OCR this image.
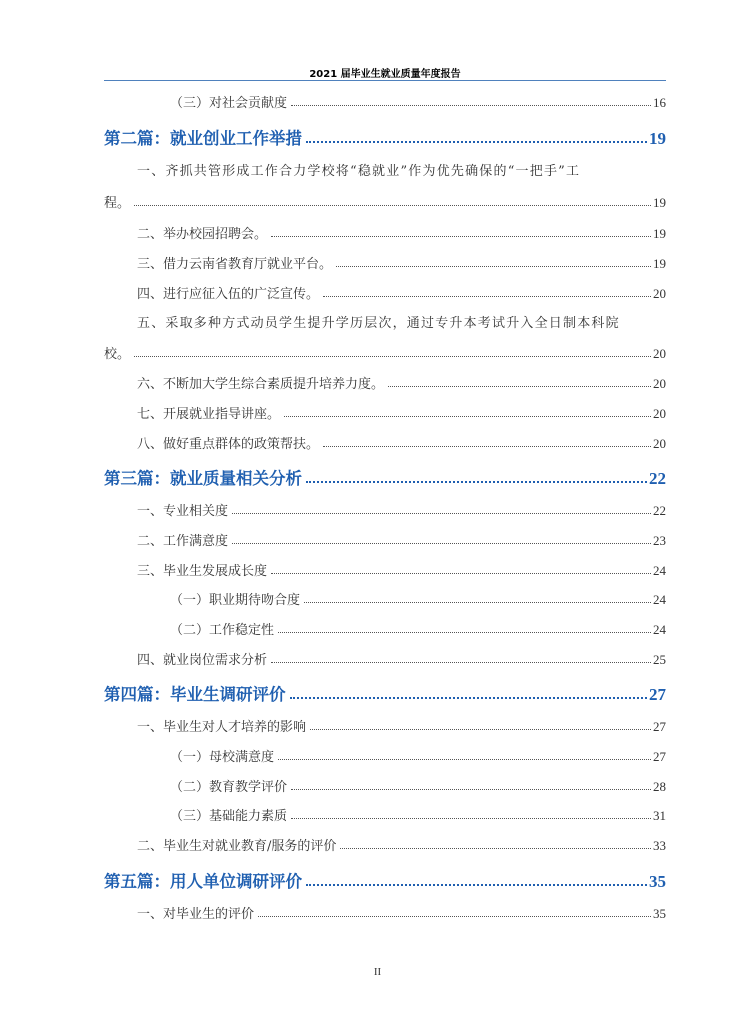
2021 届毕业生就业质量年度报告
（三）对社会贡献度	16
第二篇：就业创业工作举措	19
一、齐抓共管形成工作合力学校将“稳就业”作为优先确保的“一把手”工
程。	19
二、举办校园招聘会。	19
三、借力云南省教育厅就业平台。	19
四、进行应征入伍的广泛宣传。	20
五、采取多种方式动员学生提升学历层次，通过专升本考试升入全日制本科院
校。	20
六、不断加大学生综合素质提升培养力度。	20
七、开展就业指导讲座。	20
八、做好重点群体的政策帮扶。	20
第三篇：就业质量相关分析	22
一、专业相关度	22
二、工作满意度	23
三、毕业生发展成长度	24
（一）职业期待吻合度	24
（二）工作稳定性	24
四、就业岗位需求分析	25
第四篇：毕业生调研评价	27
一、毕业生对人才培养的影响	27
（一）母校满意度	27
（二）教育教学评价	28
（三）基础能力素质	31
二、毕业生对就业教育/服务的评价	33
第五篇：用人单位调研评价	35
一、对毕业生的评价	35
II
